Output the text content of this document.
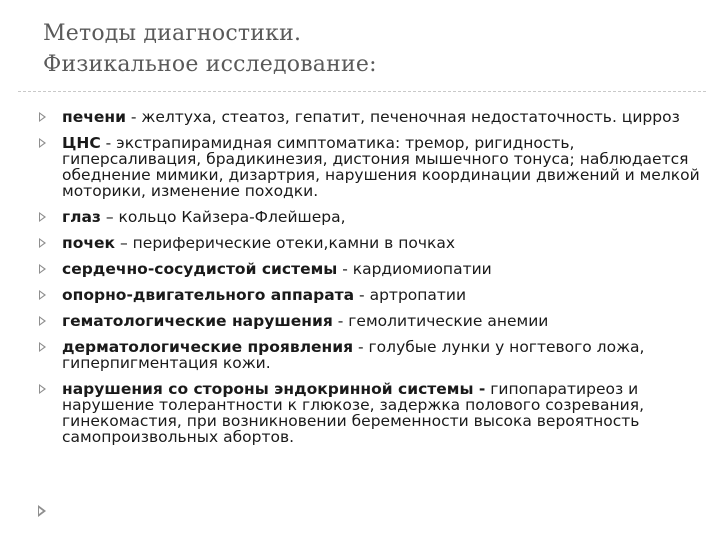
Методы диагностики.
Физикальное исследование:
печени - желтуха, стеатоз, гепатит, печеночная недостаточность. цирроз
ЦНС - экстрапирамидная симптоматика: тремор, ригидность, гиперсаливация, брадикинезия, дистония мышечного тонуса; наблюдается обеднение мимики, дизартрия, нарушения координации движений и мелкой моторики, изменение походки.
глаз – кольцо Кайзера-Флейшера,
почек – периферические отеки,камни в почках
сердечно-сосудистой системы - кардиомиопатии
опорно-двигательного аппарата - артропатии
гематологические нарушения - гемолитические анемии
дерматологические проявления - голубые лунки у ногтевого ложа, гиперпигментация кожи.
нарушения со стороны эндокринной системы - гипопаратиреоз и нарушение толерантности к глюкозе, задержка полового созревания, гинекомастия, при возникновении беременности высока вероятность самопроизвольных абортов.
